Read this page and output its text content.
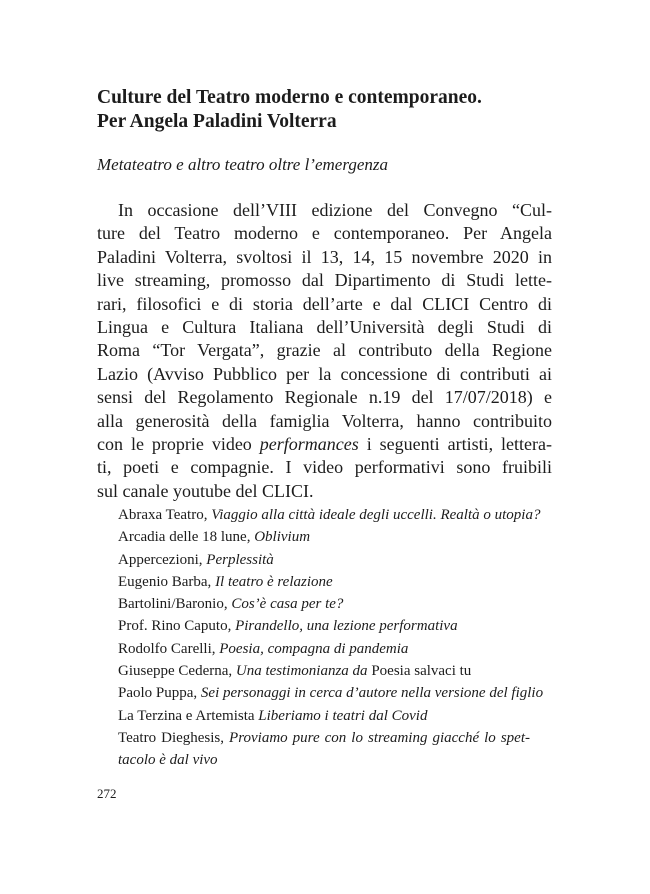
Culture del Teatro moderno e contemporaneo.
Per Angela Paladini Volterra
Metateatro e altro teatro oltre l’emergenza
In occasione dell’VIII edizione del Convegno “Cul-
ture del Teatro moderno e contemporaneo. Per Angela
Paladini Volterra, svoltosi il 13, 14, 15 novembre 2020 in
live streaming, promosso dal Dipartimento di Studi lette-
rari, filosofici e di storia dell’arte e dal CLICI Centro di
Lingua e Cultura Italiana dell’Università degli Studi di
Roma “Tor Vergata”, grazie al contributo della Regione
Lazio (Avviso Pubblico per la concessione di contributi ai
sensi del Regolamento Regionale n.19 del 17/07/2018) e
alla generosità della famiglia Volterra, hanno contribuito
con le proprie video performances i seguenti artisti, lettera-
ti, poeti e compagnie. I video performativi sono fruibili
sul canale youtube del CLICI.
Abraxa Teatro, Viaggio alla città ideale degli uccelli. Realtà o utopia?
Arcadia delle 18 lune, Oblivium
Appercezioni, Perplessità
Eugenio Barba, Il teatro è relazione
Bartolini/Baronio, Cos’è casa per te?
Prof. Rino Caputo, Pirandello, una lezione performativa
Rodolfo Carelli, Poesia, compagna di pandemia
Giuseppe Cederna, Una testimonianza da Poesia salvaci tu
Paolo Puppa, Sei personaggi in cerca d’autore nella versione del figlio
La Terzina e Artemista Liberiamo i teatri dal Covid
Teatro Dieghesis, Proviamo pure con lo streaming giacché lo spet-
tacolo è dal vivo
272
